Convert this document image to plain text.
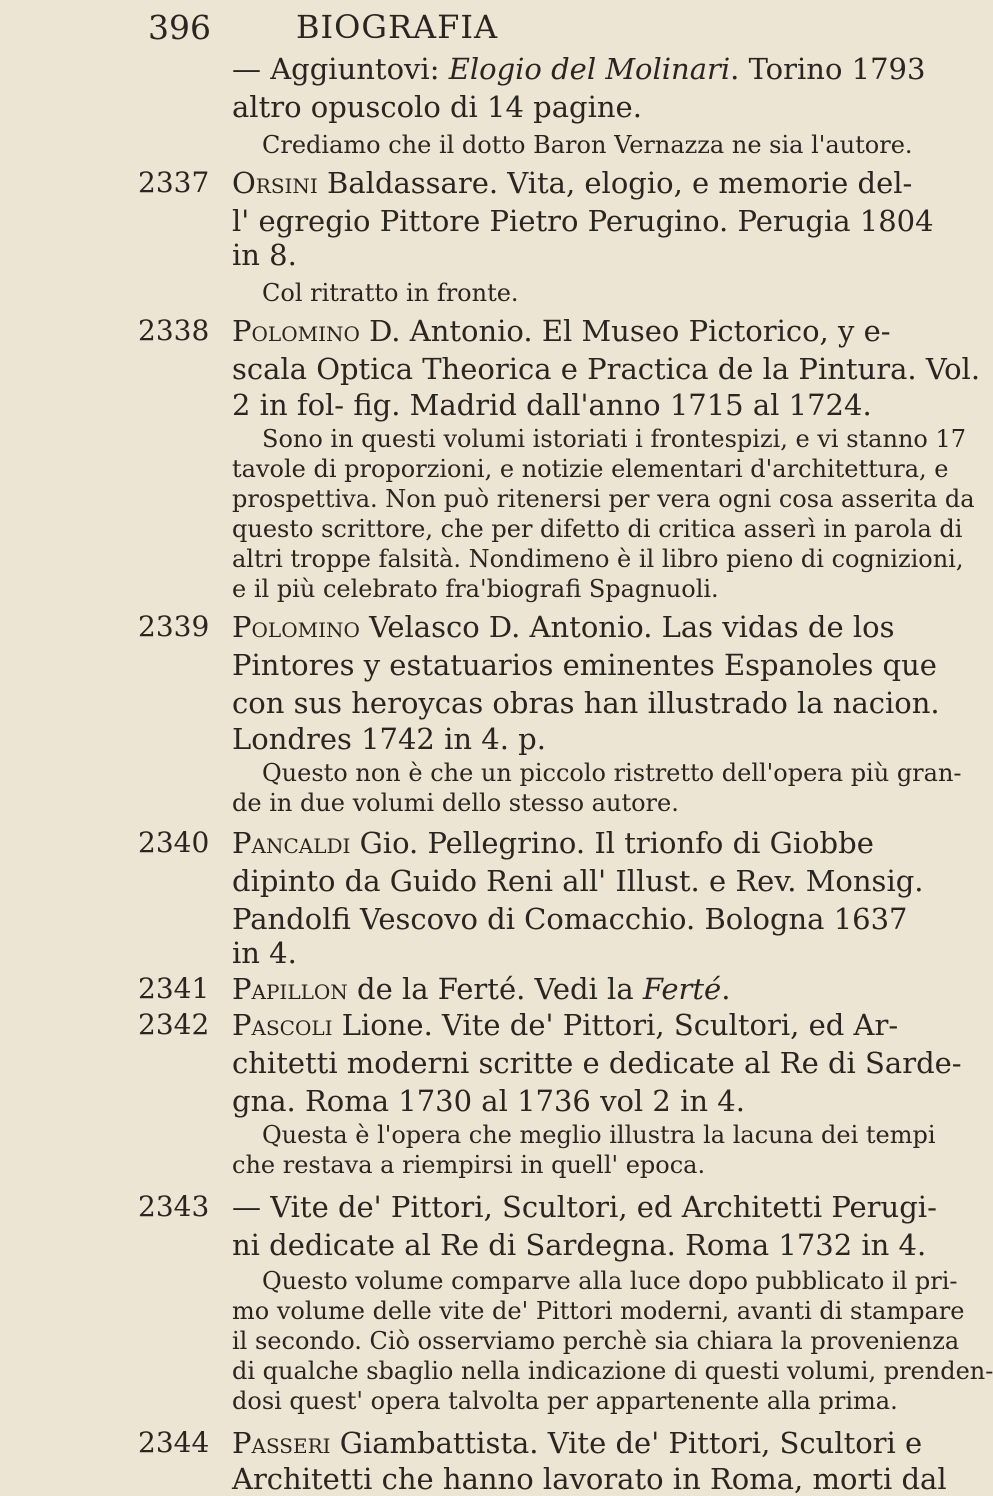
396	BIOGRAFIA
— Aggiuntovi: Elogio del Molinari. Torino 1793
altro opuscolo di 14 pagine.
Crediamo che il dotto Baron Vernazza ne sia l'autore.
2337 Orsini Baldassare. Vita, elogio, e memorie del-
l' egregio Pittore Pietro Perugino. Perugia 1804
in 8.
Col ritratto in fronte.
2338 Polomino D. Antonio. El Museo Pictorico, y e-
scala Optica Theorica e Practica de la Pintura. Vol.
2 in fol- fig. Madrid dall'anno 1715 al 1724.
Sono in questi volumi istoriati i frontespizi, e vi stanno 17
tavole di proporzioni, e notizie elementari d'architettura, e
prospettiva. Non può ritenersi per vera ogni cosa asserita da
questo scrittore, che per difetto di critica asserì in parola di
altri troppe falsità. Nondimeno è il libro pieno di cognizioni,
e il più celebrato fra'biografi Spagnuoli.
2339 Polomino Velasco D. Antonio. Las vidas de los
Pintores y estatuarios eminentes Espanoles que
con sus heroycas obras han illustrado la nacion.
Londres 1742 in 4. p.
Questo non è che un piccolo ristretto dell'opera più gran-
de in due volumi dello stesso autore.
2340 Pancaldi Gio. Pellegrino. Il trionfo di Giobbe
dipinto da Guido Reni all' Illust. e Rev. Monsig.
Pandolfi Vescovo di Comacchio. Bologna 1637
in 4.
2341 Papillon de la Ferté. Vedi la Ferté.
2342 Pascoli Lione. Vite de' Pittori, Scultori, ed Ar-
chitetti moderni scritte e dedicate al Re di Sarde-
gna. Roma 1730 al 1736 vol 2 in 4.
Questa è l'opera che meglio illustra la lacuna dei tempi
che restava a riempirsi in quell' epoca.
2343 — Vite de' Pittori, Scultori, ed Architetti Perugi-
ni dedicate al Re di Sardegna. Roma 1732 in 4.
Questo volume comparve alla luce dopo pubblicato il pri-
mo volume delle vite de' Pittori moderni, avanti di stampare
il secondo. Ciò osserviamo perchè sia chiara la provenienza
di qualche sbaglio nella indicazione di questi volumi, prenden-
dosi quest' opera talvolta per appartenente alla prima.
2344 Passeri Giambattista. Vite de' Pittori, Scultori e
Architetti che hanno lavorato in Roma, morti dal
